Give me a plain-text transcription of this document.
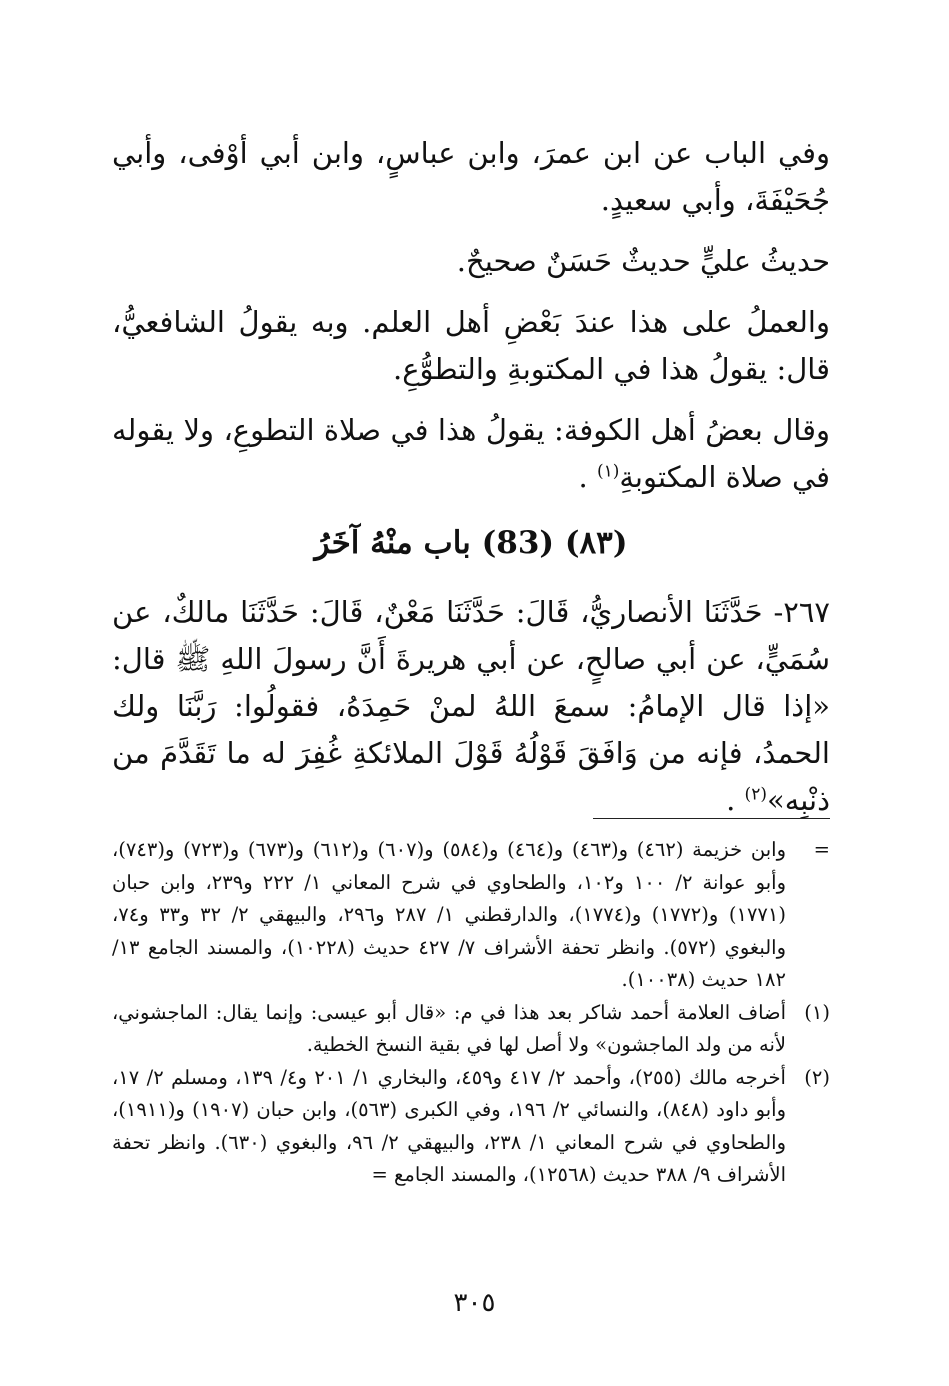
وفي الباب عن ابن عمرَ، وابن عباسٍ، وابن أبي أوْفى، وأبي جُحَيْفَةَ، وأبي سعيدٍ.

حديثُ عليٍّ حديثٌ حَسَنٌ صحيحٌ.

والعملُ على هذا عندَ بَعْضِ أهل العلم. وبه يقولُ الشافعيُّ، قال: يقولُ هذا في المكتوبةِ والتطوُّعِ.

وقال بعضُ أهل الكوفة: يقولُ هذا في صلاة التطوعِ، ولا يقوله في صلاة المكتوبةِ$^{(١)}$ .

(٨٣) (83) باب منْهُ آخَرُ

٢٦٧- حَدَّثَنَا الأنصاريُّ، قَالَ: حَدَّثَنَا مَعْنٌ، قَالَ: حَدَّثَنَا مالكٌ، عن سُمَيٍّ، عن أبي صالحٍ، عن أبي هريرةَ أَنَّ رسولَ اللهِ ﷺ قال: «إذا قال الإمامُ: سمعَ اللهُ لمنْ حَمِدَهُ، فقولُوا: رَبَّنَا ولك الحمدُ، فإنه من وَافَقَ قَوْلُهُ قَوْلَ الملائكةِ غُفِرَ له ما تَقَدَّمَ من ذنْبِه»$^{(٢)}$ .

=
وابن خزيمة (٤٦٢) و(٤٦٣) و(٤٦٤) و(٥٨٤) و(٦٠٧) و(٦١٢) و(٦٧٣) و(٧٢٣) و(٧٤٣)، وأبو عوانة ٢/ ١٠٠ و١٠٢، والطحاوي في شرح المعاني ١/ ٢٢٢ و٢٣٩، وابن حبان (١٧٧١) و(١٧٧٢) و(١٧٧٤)، والدارقطني ١/ ٢٨٧ و٢٩٦، والبيهقي ٢/ ٣٢ و٣٣ و٧٤، والبغوي (٥٧٢). وانظر تحفة الأشراف ٧/ ٤٢٧ حديث (١٠٢٢٨)، والمسند الجامع ١٣/ ١٨٢ حديث (١٠٠٣٨).
(١)
أضاف العلامة أحمد شاكر بعد هذا في م: «قال أبو عيسى: وإنما يقال: الماجشوني، لأنه من ولد الماجشون» ولا أصل لها في بقية النسخ الخطية.
(٢)
أخرجه مالك (٢٥٥)، وأحمد ٢/ ٤١٧ و٤٥٩، والبخاري ١/ ٢٠١ و٤/ ١٣٩، ومسلم ٢/ ١٧، وأبو داود (٨٤٨)، والنسائي ٢/ ١٩٦، وفي الكبرى (٥٦٣)، وابن حبان (١٩٠٧) و(١٩١١)، والطحاوي في شرح المعاني ١/ ٢٣٨، والبيهقي ٢/ ٩٦، والبغوي (٦٣٠). وانظر تحفة الأشراف ٩/ ٣٨٨ حديث (١٢٥٦٨)، والمسند الجامع =
٣٠٥
